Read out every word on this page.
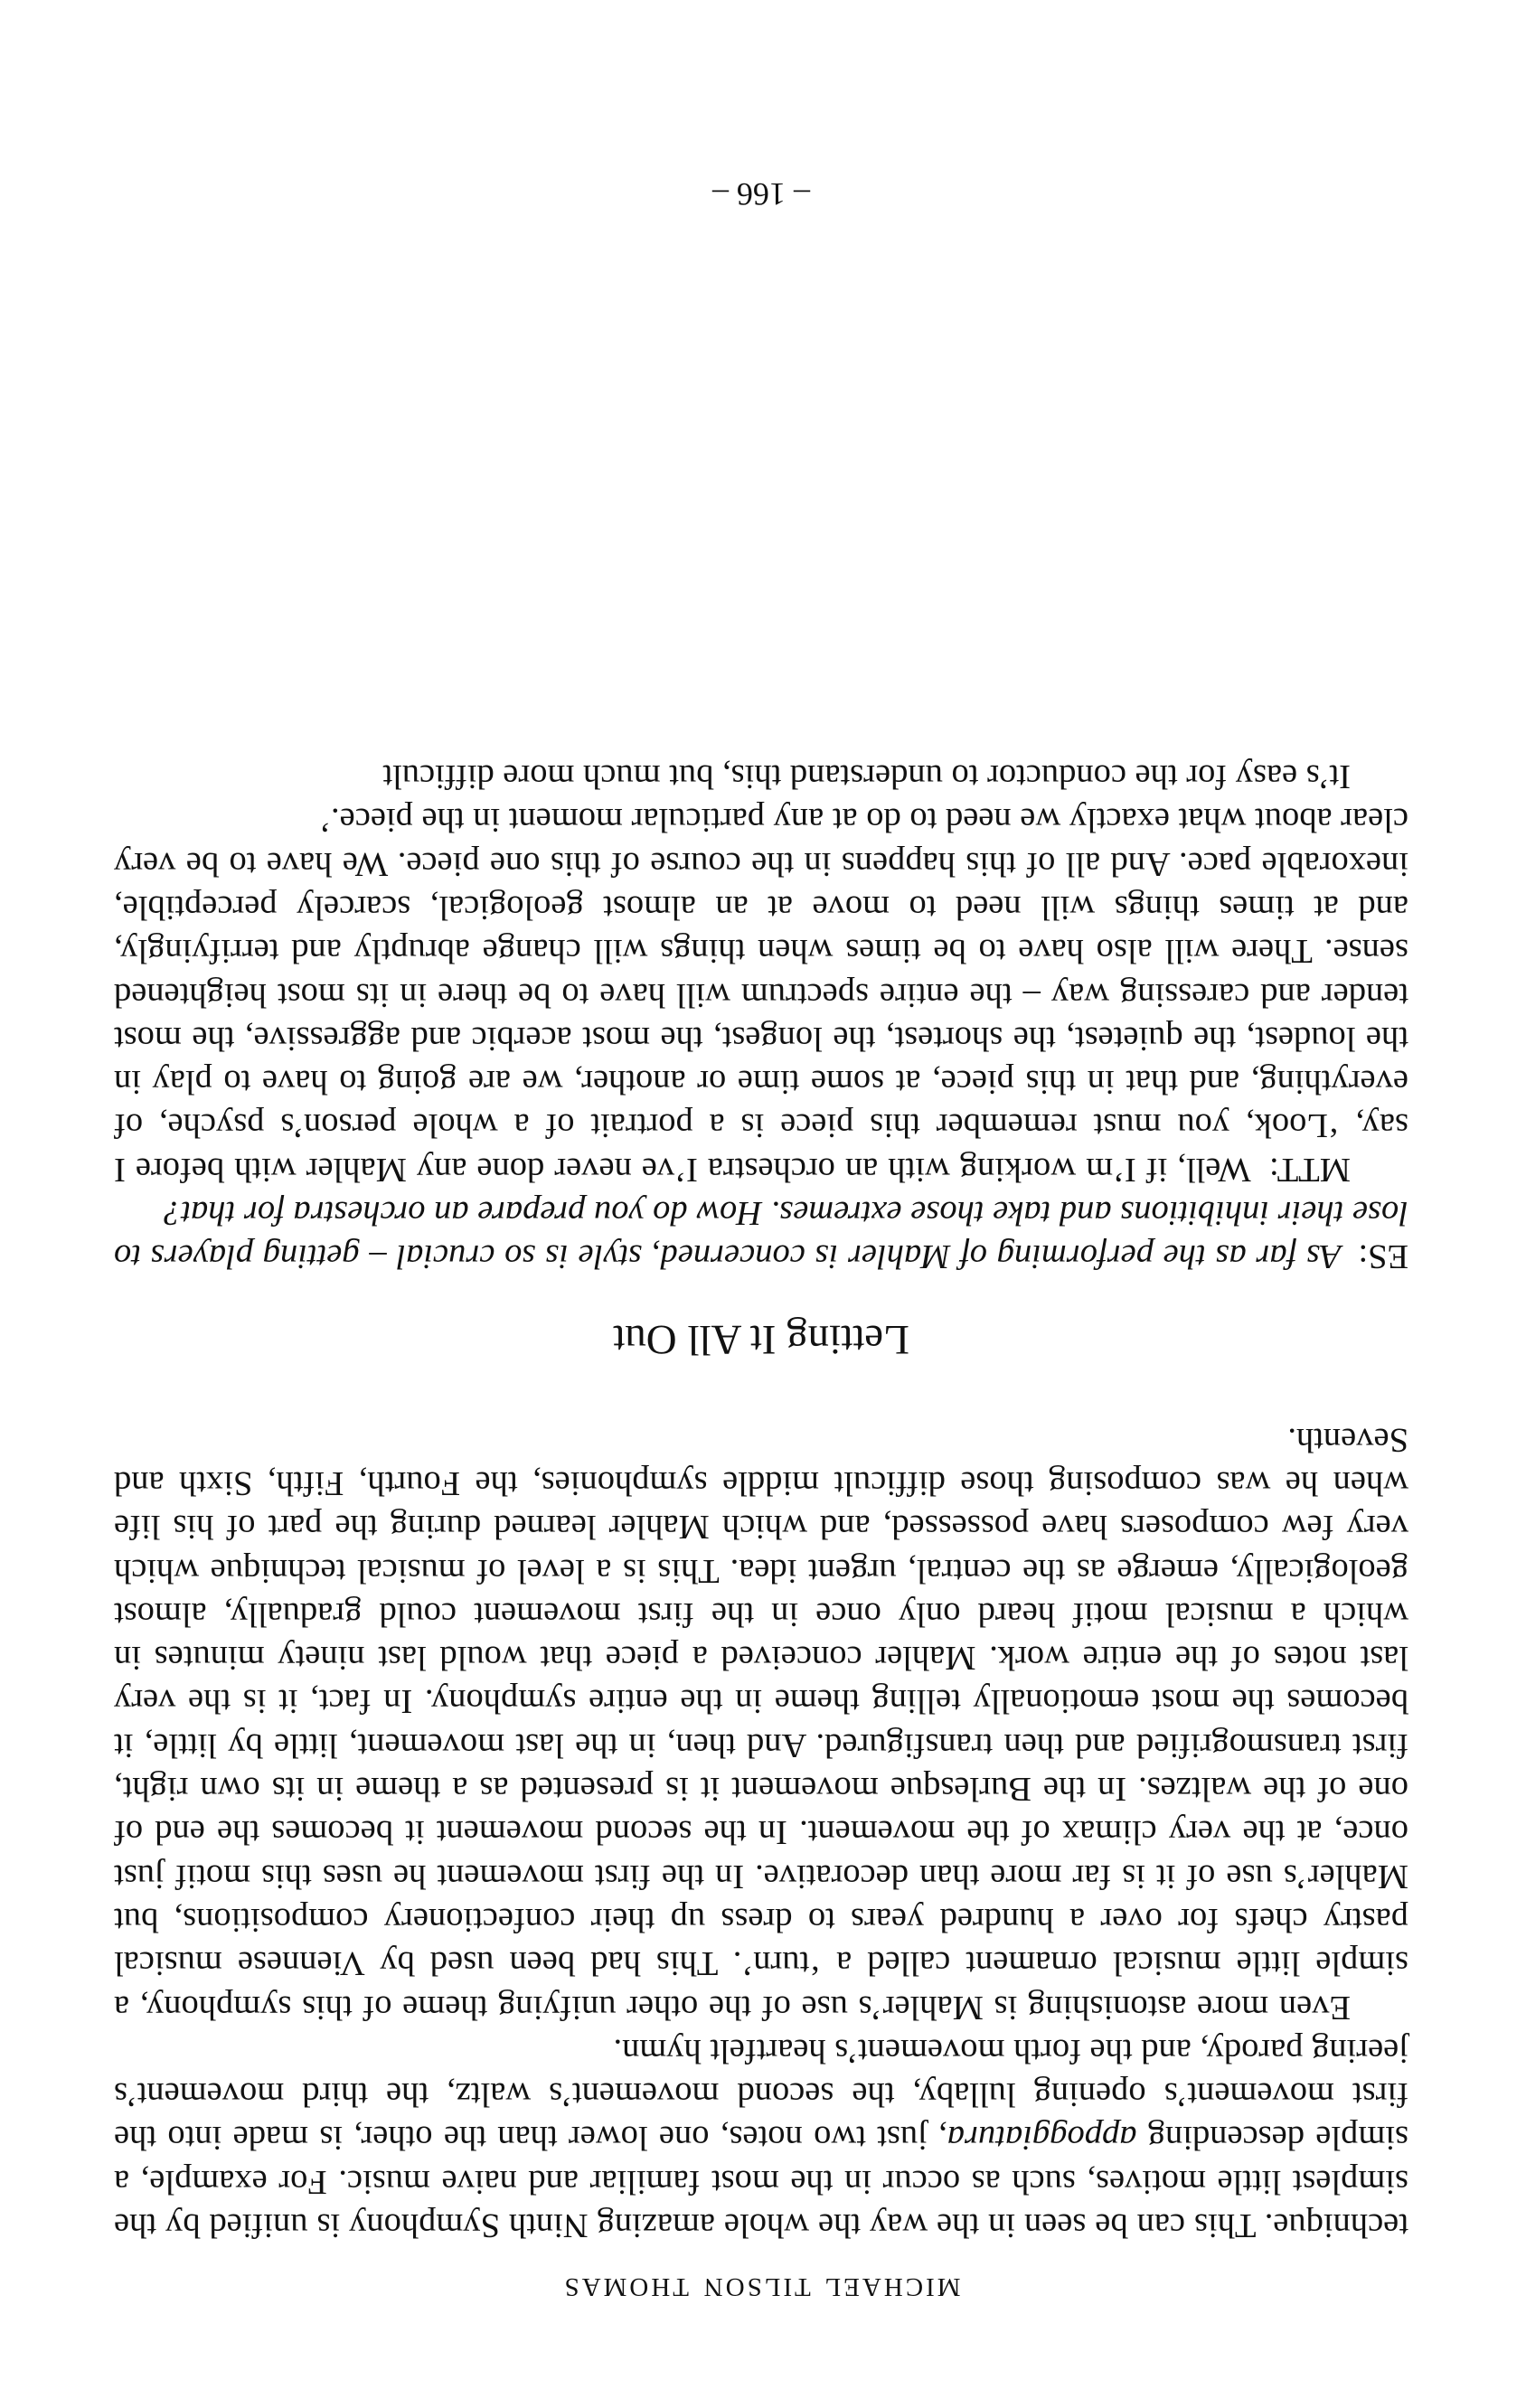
MICHAEL TILSON THOMAS

technique. This can be seen in the way the whole amazing Ninth Symphony is unified by the simplest little motives, such as occur in the most familiar and naive music. For example, a simple descending appoggiatura, just two notes, one lower than the other, is made into the first movement’s opening lullaby, the second movement’s waltz, the third movement’s jeering parody, and the forth movement’s heartfelt hymn.

Even more astonishing is Mahler’s use of the other unifying theme of this symphony, a simple little musical ornament called a ‘turn’. This had been used by Viennese musical pastry chefs for over a hundred years to dress up their confectionery compositions, but Mahler’s use of it is far more than decorative. In the first movement he uses this motif just once, at the very climax of the movement. In the second movement it becomes the end of one of the waltzes. In the Burlesque movement it is presented as a theme in its own right, first transmogrified and then transfigured. And then, in the last movement, little by little, it becomes the most emotionally telling theme in the entire symphony. In fact, it is the very last notes of the entire work. Mahler conceived a piece that would last ninety minutes in which a musical motif heard only once in the first movement could gradually, almost geologically, emerge as the central, urgent idea. This is a level of musical technique which very few composers have possessed, and which Mahler learned during the part of his life when he was composing those difficult middle symphonies, the Fourth, Fifth, Sixth and Seventh.

Letting It All Out

ES: As far as the performing of Mahler is concerned, style is so crucial – getting players to lose their inhibitions and take those extremes. How do you prepare an orchestra for that?

MTT: Well, if I’m working with an orchestra I’ve never done any Mahler with before I say, ‘Look, you must remember this piece is a portrait of a whole person’s psyche, of everything, and that in this piece, at some time or another, we are going to have to play in the loudest, the quietest, the shortest, the longest, the most acerbic and aggressive, the most tender and caressing way – the entire spectrum will have to be there in its most heightened sense. There will also have to be times when things will change abruptly and terrifyingly, and at times things will need to move at an almost geological, scarcely perceptible, inexorable pace. And all of this happens in the course of this one piece. We have to be very clear about what exactly we need to do at any particular moment in the piece.’

It’s easy for the conductor to understand this, but much more difficult

– 166 –
